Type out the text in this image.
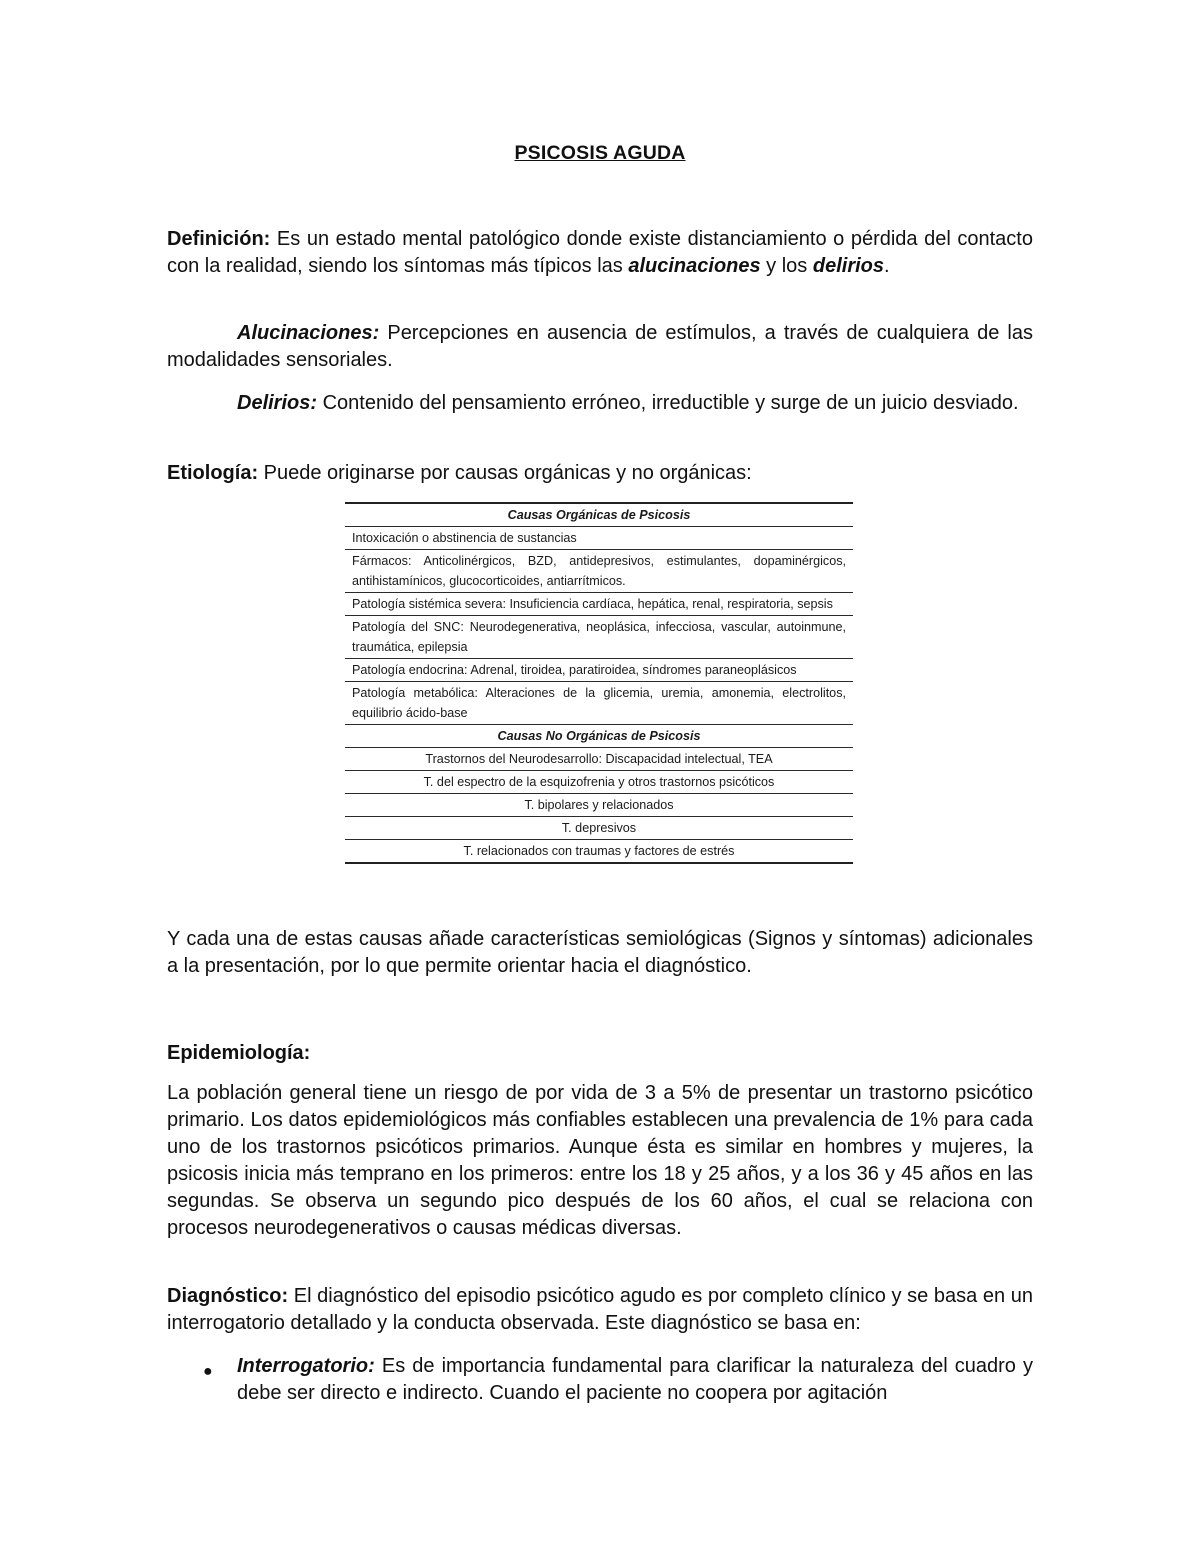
PSICOSIS AGUDA

Definición: Es un estado mental patológico donde existe distanciamiento o pérdida del contacto con la realidad, siendo los síntomas más típicos las alucinaciones y los delirios.

Alucinaciones: Percepciones en ausencia de estímulos, a través de cualquiera de las modalidades sensoriales.

Delirios: Contenido del pensamiento erróneo, irreductible y surge de un juicio desviado.

Etiología: Puede originarse por causas orgánicas y no orgánicas:

Causas Orgánicas de Psicosis
Intoxicación o abstinencia de sustancias
Fármacos: Anticolinérgicos, BZD, antidepresivos, estimulantes, dopaminérgicos, antihistamínicos, glucocorticoides, antiarrítmicos.
Patología sistémica severa: Insuficiencia cardíaca, hepática, renal, respiratoria, sepsis
Patología del SNC: Neurodegenerativa, neoplásica, infecciosa, vascular, autoinmune, traumática, epilepsia
Patología endocrina: Adrenal, tiroidea, paratiroidea, síndromes paraneoplásicos
Patología metabólica: Alteraciones de la glicemia, uremia, amonemia, electrolitos, equilibrio ácido-base
Causas No Orgánicas de Psicosis
Trastornos del Neurodesarrollo: Discapacidad intelectual, TEA
T. del espectro de la esquizofrenia y otros trastornos psicóticos
T. bipolares y relacionados
T. depresivos
T. relacionados con traumas y factores de estrés

Y cada una de estas causas añade características semiológicas (Signos y síntomas) adicionales a la presentación, por lo que permite orientar hacia el diagnóstico.

Epidemiología:

La población general tiene un riesgo de por vida de 3 a 5% de presentar un trastorno psicótico primario. Los datos epidemiológicos más confiables establecen una prevalencia de 1% para cada uno de los trastornos psicóticos primarios. Aunque ésta es similar en hombres y mujeres, la psicosis inicia más temprano en los primeros: entre los 18 y 25 años, y a los 36 y 45 años en las segundas. Se observa un segundo pico después de los 60 años, el cual se relaciona con procesos neurodegenerativos o causas médicas diversas.

Diagnóstico: El diagnóstico del episodio psicótico agudo es por completo clínico y se basa en un interrogatorio detallado y la conducta observada. Este diagnóstico se basa en:

● Interrogatorio: Es de importancia fundamental para clarificar la naturaleza del cuadro y debe ser directo e indirecto. Cuando el paciente no coopera por agitación
